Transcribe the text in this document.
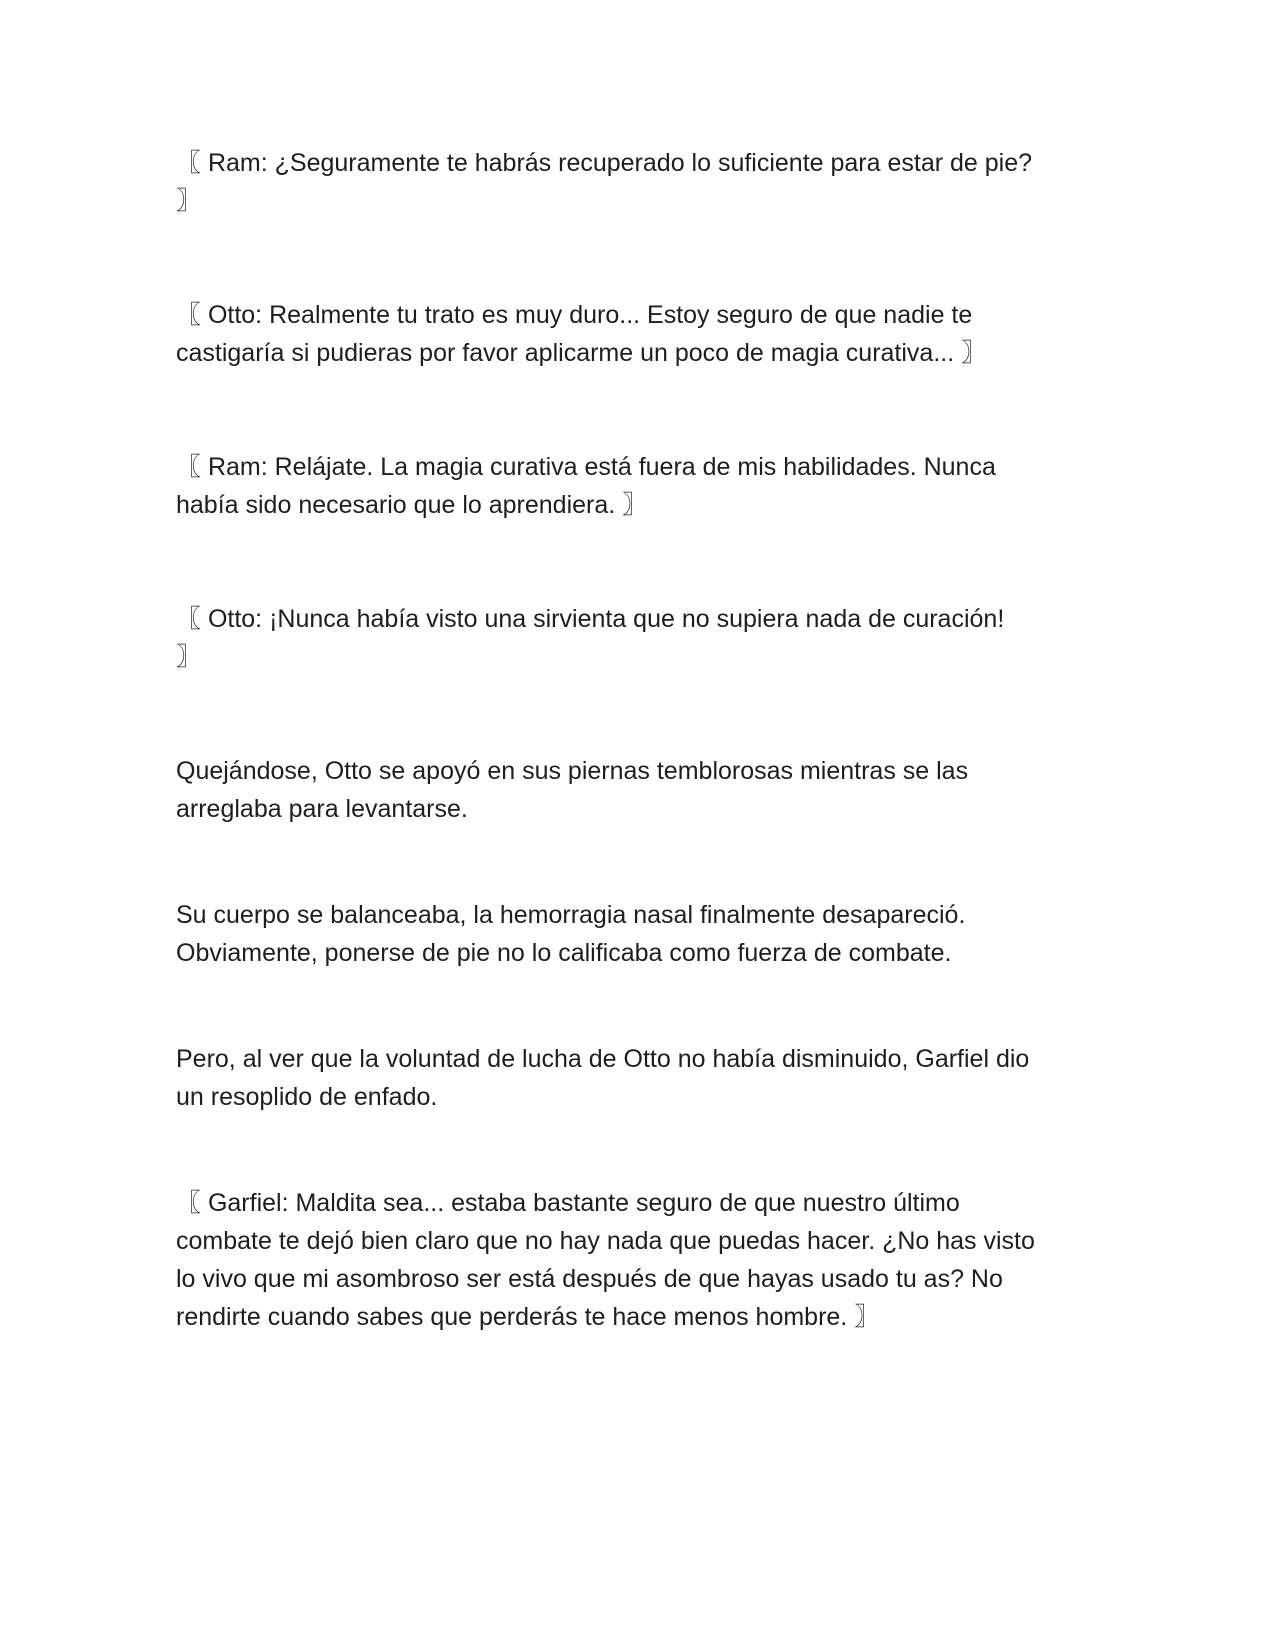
〖 Ram: ¿Seguramente te habrás recuperado lo suficiente para estar de pie?
〗

〖 Otto: Realmente tu trato es muy duro... Estoy seguro de que nadie te
castigaría si pudieras por favor aplicarme un poco de magia curativa... 〗

〖 Ram: Relájate. La magia curativa está fuera de mis habilidades. Nunca
había sido necesario que lo aprendiera. 〗

〖 Otto: ¡Nunca había visto una sirvienta que no supiera nada de curación!
〗

Quejándose, Otto se apoyó en sus piernas temblorosas mientras se las
arreglaba para levantarse.

Su cuerpo se balanceaba, la hemorragia nasal finalmente desapareció.
Obviamente, ponerse de pie no lo calificaba como fuerza de combate.

Pero, al ver que la voluntad de lucha de Otto no había disminuido, Garfiel dio
un resoplido de enfado.

〖 Garfiel: Maldita sea... estaba bastante seguro de que nuestro último
combate te dejó bien claro que no hay nada que puedas hacer. ¿No has visto
lo vivo que mi asombroso ser está después de que hayas usado tu as? No
rendirte cuando sabes que perderás te hace menos hombre. 〗
